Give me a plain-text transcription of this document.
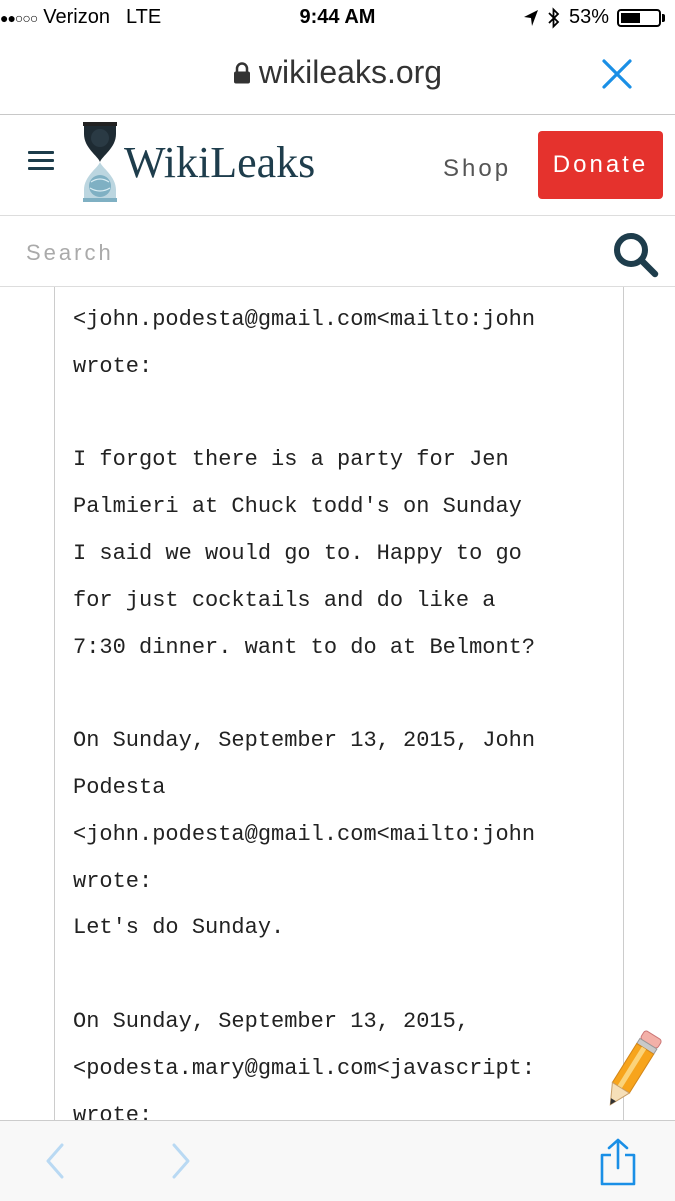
●●○○○ Verizon LTE	9:44 AM	53%
wikileaks.org
WikiLeaks	Shop	Donate
Search
<john.podesta@gmail.com<mailto:john
wrote:
I forgot there is a party for Jen
Palmieri at Chuck todd's on Sunday
I said we would go to. Happy to go
for just cocktails and do like a
7:30 dinner. want to do at Belmont?
On Sunday, September 13, 2015, John
Podesta
<john.podesta@gmail.com<mailto:john
wrote:
Let's do Sunday.
On Sunday, September 13, 2015,
<podesta.mary@gmail.com<javascript:
wrote:
